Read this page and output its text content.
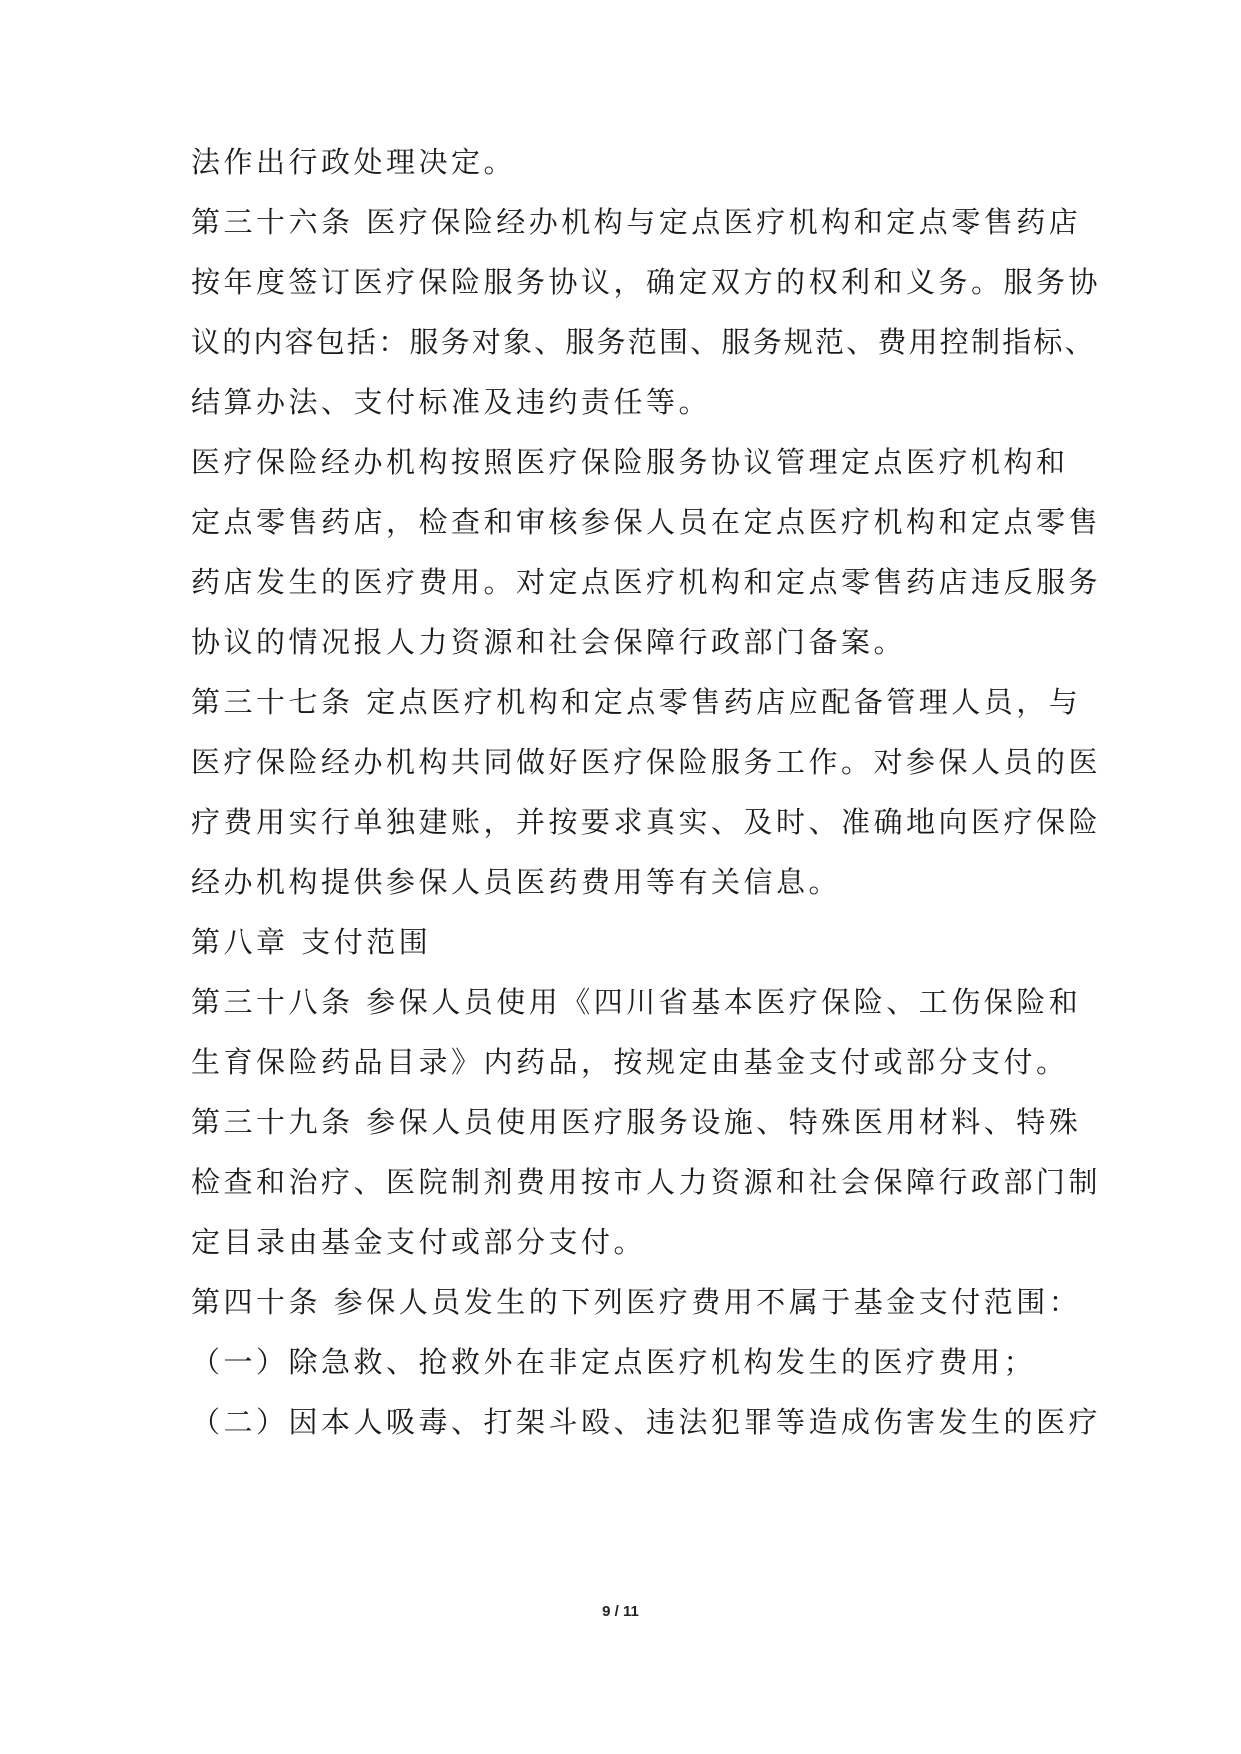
法作出行政处理决定。
第三十六条 医疗保险经办机构与定点医疗机构和定点零售药店
按年度签订医疗保险服务协议，确定双方的权利和义务。服务协
议的内容包括：服务对象、服务范围、服务规范、费用控制指标、
结算办法、支付标准及违约责任等。
医疗保险经办机构按照医疗保险服务协议管理定点医疗机构和
定点零售药店，检查和审核参保人员在定点医疗机构和定点零售
药店发生的医疗费用。对定点医疗机构和定点零售药店违反服务
协议的情况报人力资源和社会保障行政部门备案。
第三十七条 定点医疗机构和定点零售药店应配备管理人员，与
医疗保险经办机构共同做好医疗保险服务工作。对参保人员的医
疗费用实行单独建账，并按要求真实、及时、准确地向医疗保险
经办机构提供参保人员医药费用等有关信息。
第八章 支付范围
第三十八条 参保人员使用《四川省基本医疗保险、工伤保险和
生育保险药品目录》内药品，按规定由基金支付或部分支付。
第三十九条 参保人员使用医疗服务设施、特殊医用材料、特殊
检查和治疗、医院制剂费用按市人力资源和社会保障行政部门制
定目录由基金支付或部分支付。
第四十条 参保人员发生的下列医疗费用不属于基金支付范围：
（一）除急救、抢救外在非定点医疗机构发生的医疗费用；
（二）因本人吸毒、打架斗殴、违法犯罪等造成伤害发生的医疗
9 / 11
